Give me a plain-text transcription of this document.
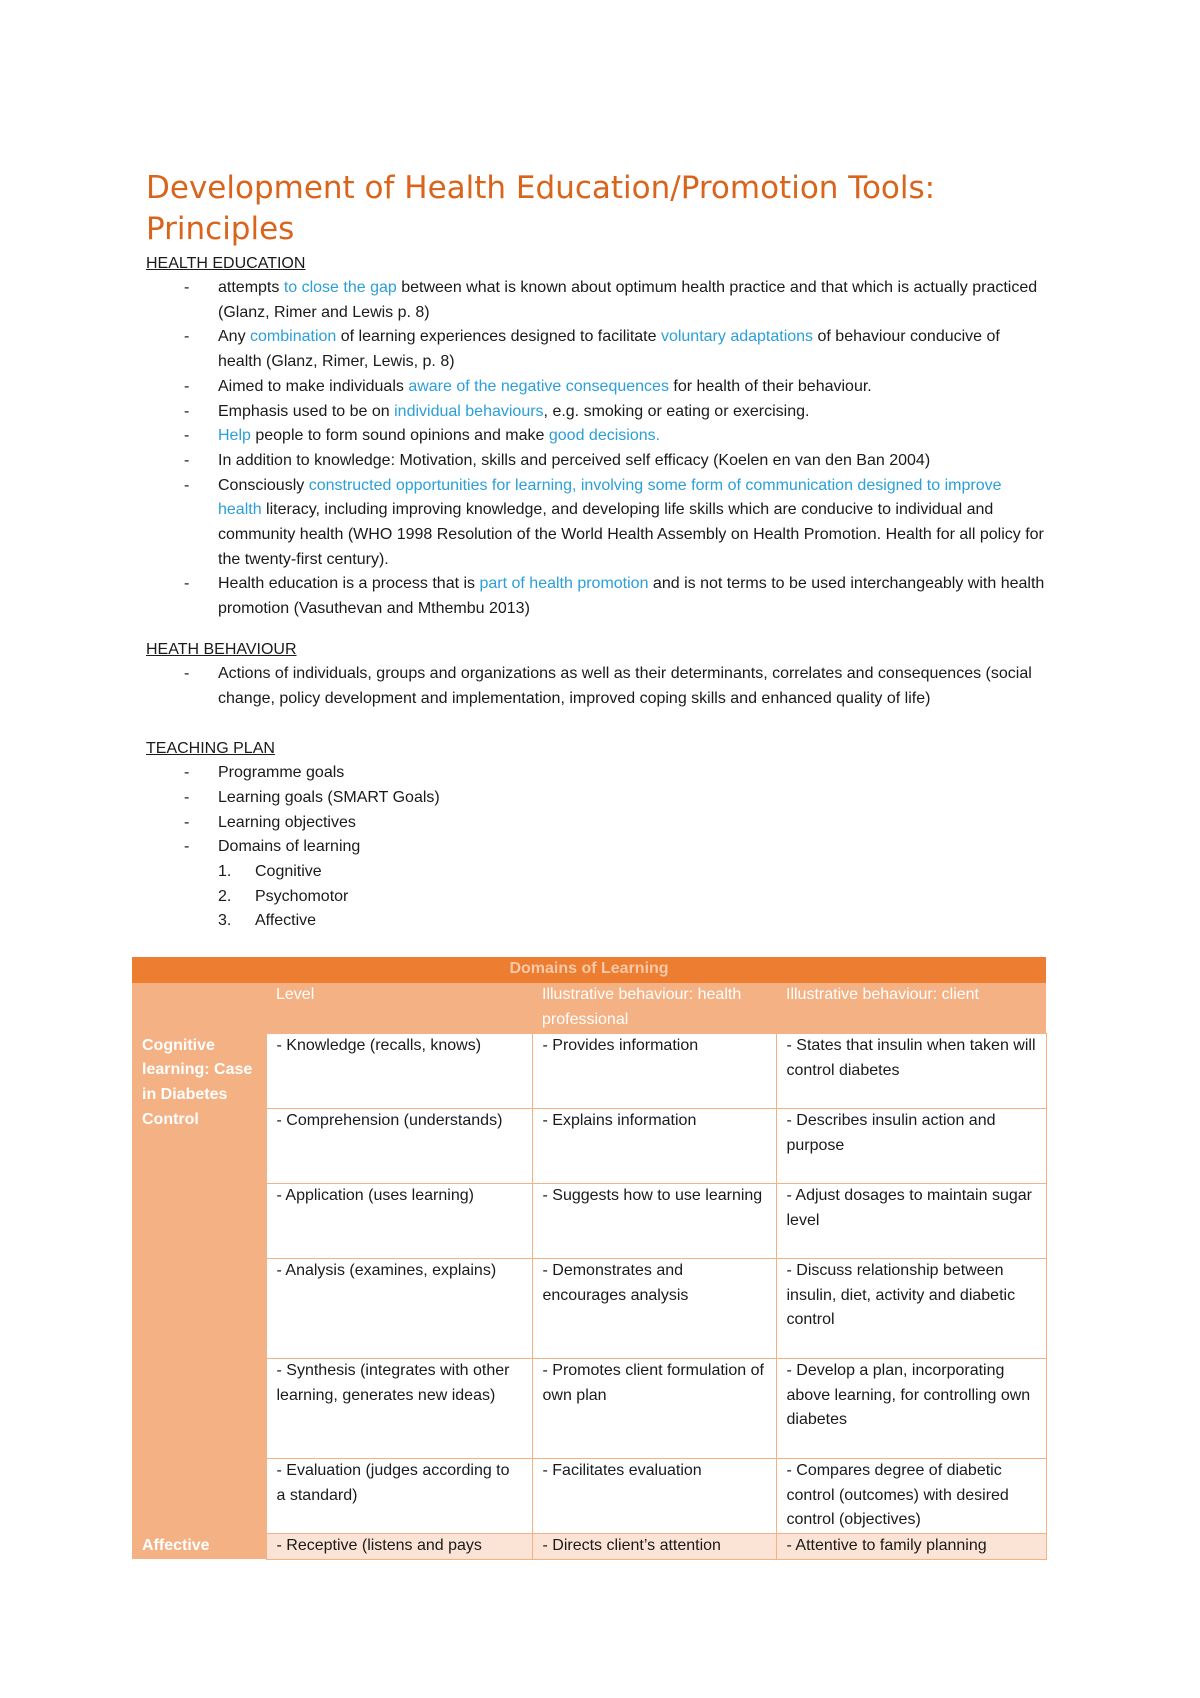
Development of Health Education/Promotion Tools: Principles
HEALTH EDUCATION
- attempts to close the gap between what is known about optimum health practice and that which is actually practiced (Glanz, Rimer and Lewis p. 8)
- Any combination of learning experiences designed to facilitate voluntary adaptations of behaviour conducive of health (Glanz, Rimer, Lewis, p. 8)
- Aimed to make individuals aware of the negative consequences for health of their behaviour.
- Emphasis used to be on individual behaviours, e.g. smoking or eating or exercising.
- Help people to form sound opinions and make good decisions.
- In addition to knowledge: Motivation, skills and perceived self efficacy (Koelen en van den Ban 2004)
- Consciously constructed opportunities for learning, involving some form of communication designed to improve health literacy, including improving knowledge, and developing life skills which are conducive to individual and community health (WHO 1998 Resolution of the World Health Assembly on Health Promotion. Health for all policy for the twenty-first century).
- Health education is a process that is part of health promotion and is not terms to be used interchangeably with health promotion (Vasuthevan and Mthembu 2013)
HEATH BEHAVIOUR
- Actions of individuals, groups and organizations as well as their determinants, correlates and consequences (social change, policy development and implementation, improved coping skills and enhanced quality of life)
TEACHING PLAN
- Programme goals
- Learning goals (SMART Goals)
- Learning objectives
- Domains of learning
1. Cognitive
2. Psychomotor
3. Affective
Domains of Learning			
	Level	Illustrative behaviour: health professional	Illustrative behaviour: client
Cognitive learning: Case in Diabetes Control	- Knowledge (recalls, knows)	- Provides information	- States that insulin when taken will control diabetes

	- Comprehension (understands)	- Explains information	- Describes insulin action and purpose

	- Application (uses learning)	- Suggests how to use learning	- Adjust dosages to maintain sugar level

	- Analysis (examines, explains)	- Demonstrates and encourages analysis	- Discuss relationship between insulin, diet, activity and diabetic control

	- Synthesis (integrates with other learning, generates new ideas)	- Promotes client formulation of own plan	- Develop a plan, incorporating above learning, for controlling own diabetes

	- Evaluation (judges according to a standard)	- Facilitates evaluation	- Compares degree of diabetic control (outcomes) with desired control (objectives)

Affective	- Receptive (listens and pays	- Directs client’s attention	- Attentive to family planning
